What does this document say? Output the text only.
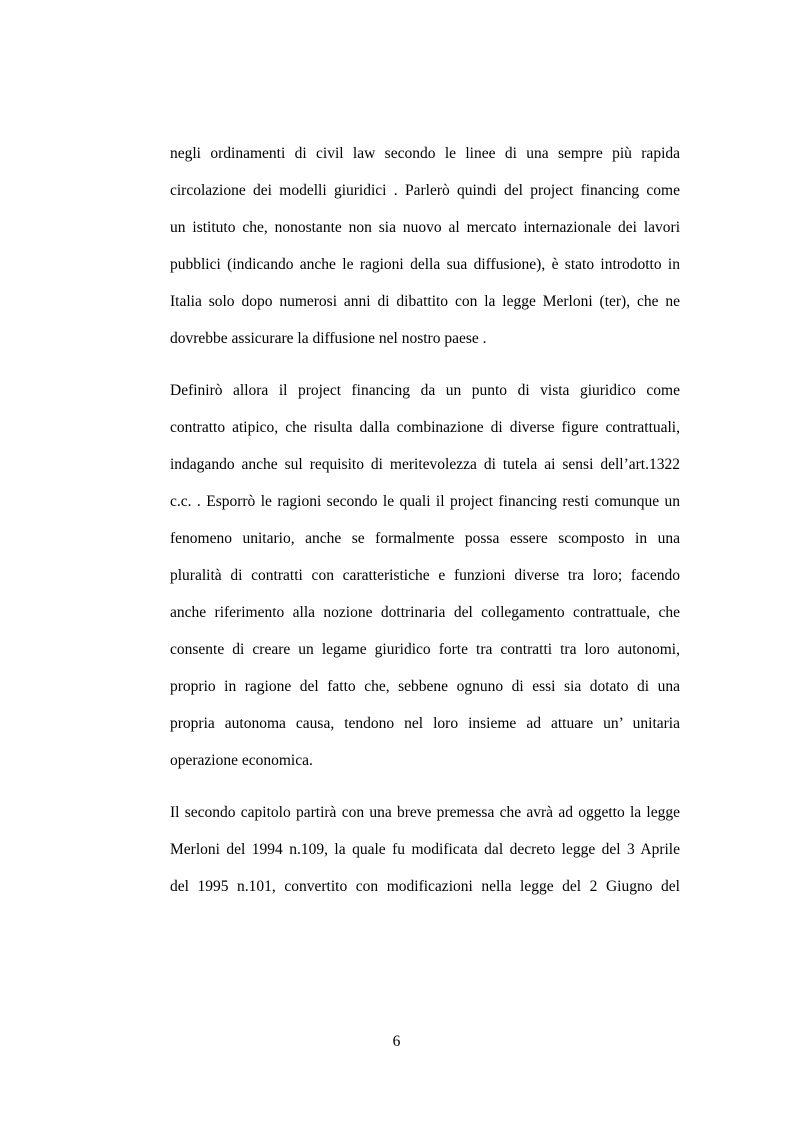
negli ordinamenti di civil law secondo le linee di una sempre più rapida
circolazione dei modelli giuridici . Parlerò quindi del project financing come
un istituto che, nonostante non sia nuovo al mercato internazionale dei lavori
pubblici (indicando anche le ragioni della sua diffusione), è stato introdotto in
Italia solo dopo numerosi anni di dibattito con la legge Merloni (ter), che ne
dovrebbe assicurare la diffusione nel nostro paese .

Definirò allora il project financing da un punto di vista giuridico come
contratto atipico, che risulta dalla combinazione di diverse figure contrattuali,
indagando anche sul requisito di meritevolezza di tutela ai sensi dell’art.1322
c.c. . Esporrò le ragioni secondo le quali il project financing resti comunque un
fenomeno unitario, anche se formalmente possa essere scomposto in una
pluralità di contratti con caratteristiche e funzioni diverse tra loro; facendo
anche riferimento alla nozione dottrinaria del collegamento contrattuale, che
consente di creare un legame giuridico forte tra contratti tra loro autonomi,
proprio in ragione del fatto che, sebbene ognuno di essi sia dotato di una
propria autonoma causa, tendono nel loro insieme ad attuare un’ unitaria
operazione economica.

Il secondo capitolo partirà con una breve premessa che avrà ad oggetto la legge
Merloni del 1994 n.109, la quale fu modificata dal decreto legge del 3 Aprile
del 1995 n.101, convertito con modificazioni nella legge del 2 Giugno del

6
